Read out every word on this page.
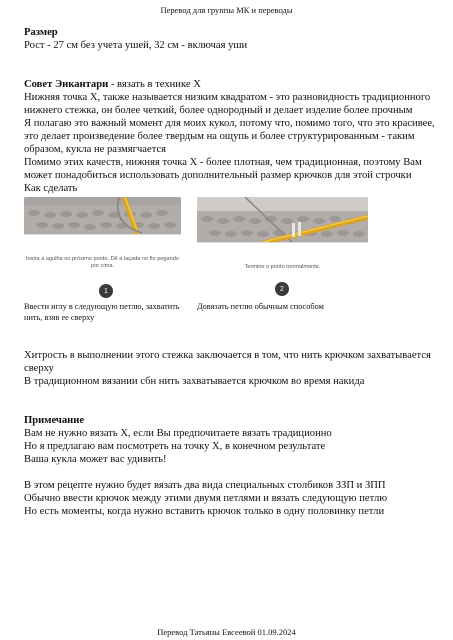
Перевод для группы МК и переводы

Размер

Рост - 27 см без учета ушей, 32 см - включая уши

Совет Энкантари - вязать в технике X

Нижняя точка X, также называется низким квадратом - это разновидность традиционного нижнего стежка, он более четкий, более однородный и делает изделие более прочным

Я полагаю это важный момент для моих кукол, потому что, помимо того, что это красивее, это делает произведение более твердым на ощупь и более структурированным - таким образом, кукла не размягчается

Помимо этих качеств, нижняя точка X - более плотная, чем традиционная, поэтому Вам может понадобиться использовать дополнительный размер крючков для этой строчки

Как сделать

Insira a agulha no próximo ponto. Dê a laçada no fio pegando por cima.
1
Termine o ponto normalmente.
2
Ввести иглу в следующую петлю, захватить нить, взяв ее сверху
Довязать петлю обычным способом

Хитрость в выполнении этого стежка заключается в том, что нить крючком захватывается сверху

В традиционном вязании сбн нить захватывается крючком во время накида

Примечание

Вам не нужно вязать X, если Вы предпочитаете вязать традиционно

Но я предлагаю вам посмотреть на точку X, в конечном результате

Ваша кукла может вас удивить!

В этом рецепте нужно будет вязать два вида специальных столбиков ЗЗП и ЗПП

Обычно ввести крючок между этими двумя петлями и вязать следующую петлю

Но есть моменты, когда нужно вставить крючок только в одну половинку петли

Перевод Татьяны Евсеевой 01.09.2024
